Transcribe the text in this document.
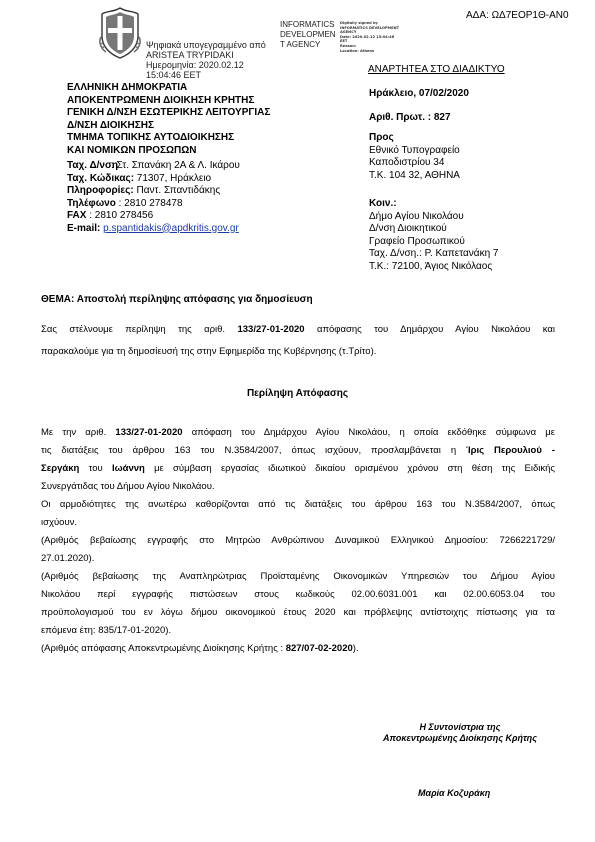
ΑΔΑ: ΩΔ7ΕΟΡ1Θ-ΑΝ0
Ψηφιακά υπογεγραμμένο από
ARISTEA TRYPIDAKI
Ημερομηνία: 2020.02.12
15:04:46 EET
INFORMATICS
DEVELOPMEN
T AGENCY
Digitally signed by
INFORMATICS DEVELOPMENT
AGENCY
Date: 2020.02.12 15:04:46
EET
Reason:
Location: Athens
ΑΝΑΡΤΗΤΕΑ ΣΤΟ ΔΙΑΔΙΚΤΥΟ
ΕΛΛΗΝΙΚΗ ΔΗΜΟΚΡΑΤΙΑ
ΑΠΟΚΕΝΤΡΩΜΕΝΗ ΔΙΟΙΚΗΣΗ ΚΡΗΤΗΣ
ΓΕΝΙΚΗ Δ/ΝΣΗ ΕΣΩΤΕΡΙΚΗΣ ΛΕΙΤΟΥΡΓΙΑΣ
Δ/ΝΣΗ ΔΙΟΙΚΗΣΗΣ
ΤΜΗΜΑ ΤΟΠΙΚΗΣ ΑΥΤΟΔΙΟΙΚΗΣΗΣ
ΚΑΙ ΝΟΜΙΚΩΝ ΠΡΟΣΩΠΩΝ
Ταχ. Δ/νση: Στ. Σπανάκη 2Α & Λ. Ικάρου
Ταχ. Κώδικας: 71307, Ηράκλειο
Πληροφορίες: Παντ. Σπαντιδάκης
Τηλέφωνο : 2810 278478
FAX : 2810 278456
E-mail: p.spantidakis@apdkritis.gov.gr
Ηράκλειο, 07/02/2020
Αριθ. Πρωτ. : 827
Προς
Εθνικό Τυπογραφείο
Καποδιστρίου 34
Τ.Κ. 104 32, ΑΘΗΝΑ
Κοιν.:
Δήμο Αγίου Νικολάου
Δ/νση Διοικητικού
Γραφείο Προσωπικού
Ταχ. Δ/νση.: Ρ. Καπετανάκη 7
Τ.Κ.: 72100, Άγιος Νικόλαος
ΘΕΜΑ: Αποστολή περίληψης απόφασης για δημοσίευση
Σας στέλνουμε περίληψη της αριθ. 133/27-01-2020 απόφασης του Δημάρχου Αγίου Νικολάου και
παρακαλούμε για τη δημοσίευσή της στην Εφημερίδα της Κυβέρνησης (τ.Τρίτο).
Περίληψη Απόφασης
Με την αριθ. 133/27-01-2020 απόφαση του Δημάρχου Αγίου Νικολάου, η οποία εκδόθηκε σύμφωνα με
τις διατάξεις του άρθρου 163 του Ν.3584/2007, όπως ισχύουν, προσλαμβάνεται η Ίρις Περουλιού -
Σεργάκη του Ιωάννη με σύμβαση εργασίας ιδιωτικού δικαίου ορισμένου χρόνου στη θέση της Ειδικής
Συνεργάτιδας του Δήμου Αγίου Νικολάου.
Οι αρμοδιότητες της ανωτέρω καθορίζονται από τις διατάξεις του άρθρου 163 του Ν.3584/2007, όπως
ισχύουν.
(Αριθμός βεβαίωσης εγγραφής στο Μητρώο Ανθρώπινου Δυναμικού Ελληνικού Δημοσίου: 7266221729/
27.01.2020).
(Αριθμός βεβαίωσης της Αναπληρώτριας Προϊσταμένης Οικονομικών Υπηρεσιών του Δήμου Αγίου
Νικολάου περί εγγραφής πιστώσεων στους κωδικούς 02.00.6031.001 και 02.00.6053.04 του
προϋπολογισμού του εν λόγω δήμου οικονομικού έτους 2020 και πρόβλεψης αντίστοιχης πίστωσης για τα
επόμενα έτη: 835/17-01-2020).
(Αριθμός απόφασης Αποκεντρωμένης Διοίκησης Κρήτης : 827/07-02-2020).
Η Συντονίστρια της
Αποκεντρωμένης Διοίκησης Κρήτης
Μαρία Κοζυράκη
